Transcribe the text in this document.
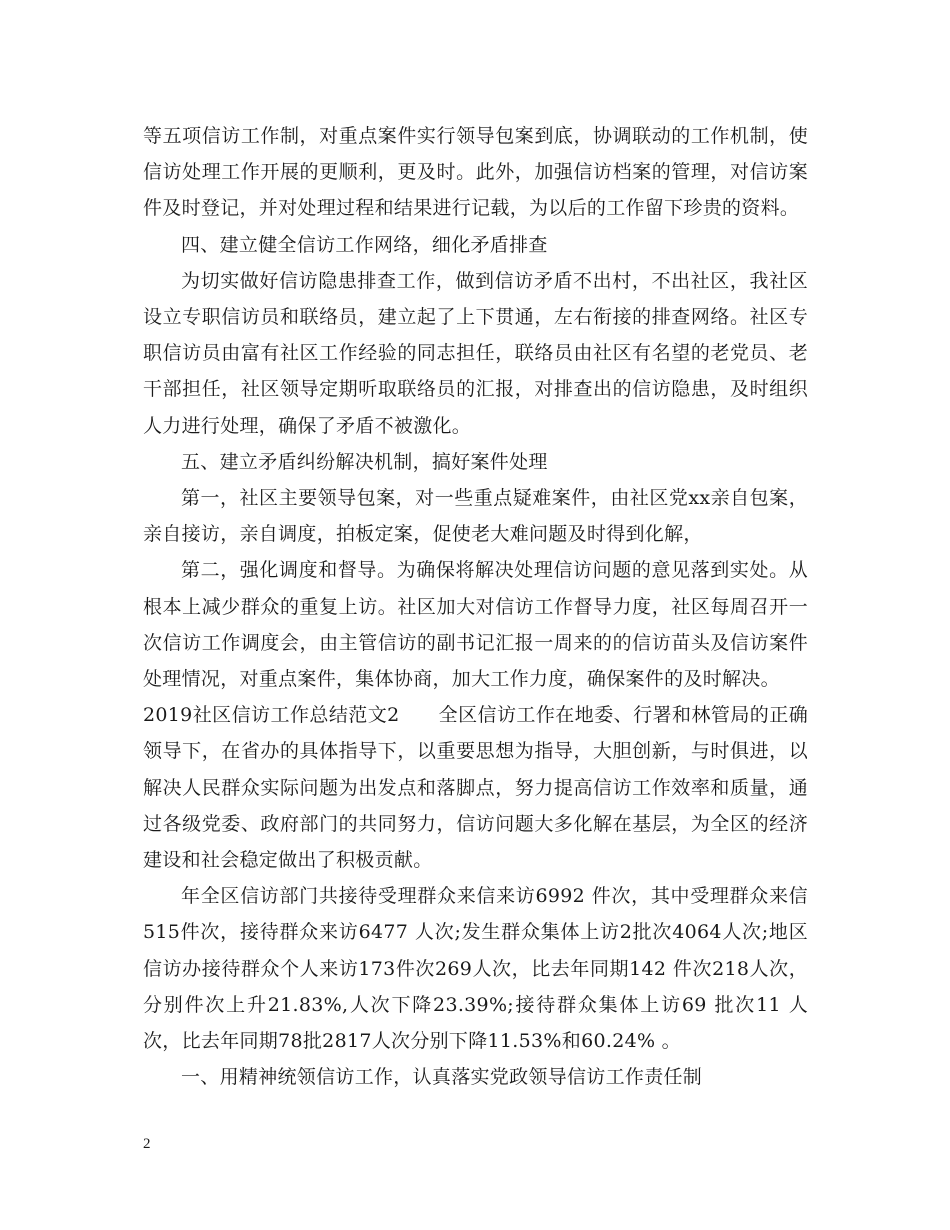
等五项信访工作制，对重点案件实行领导包案到底，协调联动的工作机制，使信访处理工作开展的更顺利，更及时。此外，加强信访档案的管理，对信访案件及时登记，并对处理过程和结果进行记载，为以后的工作留下珍贵的资料。

四、建立健全信访工作网络，细化矛盾排查

为切实做好信访隐患排查工作，做到信访矛盾不出村，不出社区，我社区设立专职信访员和联络员，建立起了上下贯通，左右衔接的排查网络。社区专职信访员由富有社区工作经验的同志担任，联络员由社区有名望的老党员、老干部担任，社区领导定期听取联络员的汇报，对排查出的信访隐患，及时组织人力进行处理，确保了矛盾不被激化。

五、建立矛盾纠纷解决机制，搞好案件处理

第一，社区主要领导包案，对一些重点疑难案件，由社区党xx亲自包案，亲自接访，亲自调度，拍板定案，促使老大难问题及时得到化解，

第二，强化调度和督导。为确保将解决处理信访问题的意见落到实处。从根本上减少群众的重复上访。社区加大对信访工作督导力度，社区每周召开一次信访工作调度会，由主管信访的副书记汇报一周来的的信访苗头及信访案件处理情况，对重点案件，集体协商，加大工作力度，确保案件的及时解决。

2019社区信访工作总结范文2　　全区信访工作在地委、行署和林管局的正确领导下，在省办的具体指导下，以重要思想为指导，大胆创新，与时俱进，以解决人民群众实际问题为出发点和落脚点，努力提高信访工作效率和质量，通过各级党委、政府部门的共同努力，信访问题大多化解在基层，为全区的经济建设和社会稳定做出了积极贡献。

年全区信访部门共接待受理群众来信来访6992 件次，其中受理群众来信515件次，接待群众来访6477 人次;发生群众集体上访2批次4064人次;地区信访办接待群众个人来访173件次269人次，比去年同期142 件次218人次，分别件次上升21.83%,人次下降23.39%;接待群众集体上访69 批次11 人次，比去年同期78批2817人次分别下降11.53%和60.24% 。

一、用精神统领信访工作，认真落实党政领导信访工作责任制

2
